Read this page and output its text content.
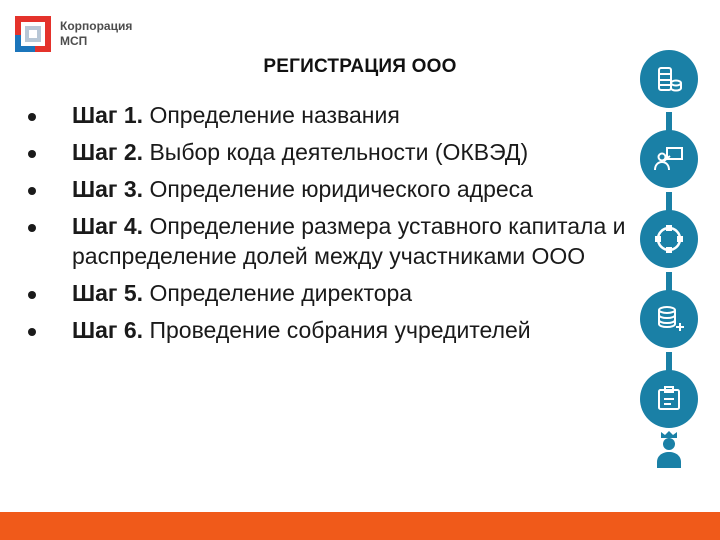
Корпорация
МСП
РЕГИСТРАЦИЯ ООО
Шаг 1. Определение названия
Шаг 2. Выбор кода деятельности (ОКВЭД)
Шаг 3. Определение юридического адреса
Шаг 4. Определение размера уставного капитала и распределение долей между участниками ООО
Шаг 5. Определение директора
Шаг 6. Проведение собрания учредителей
